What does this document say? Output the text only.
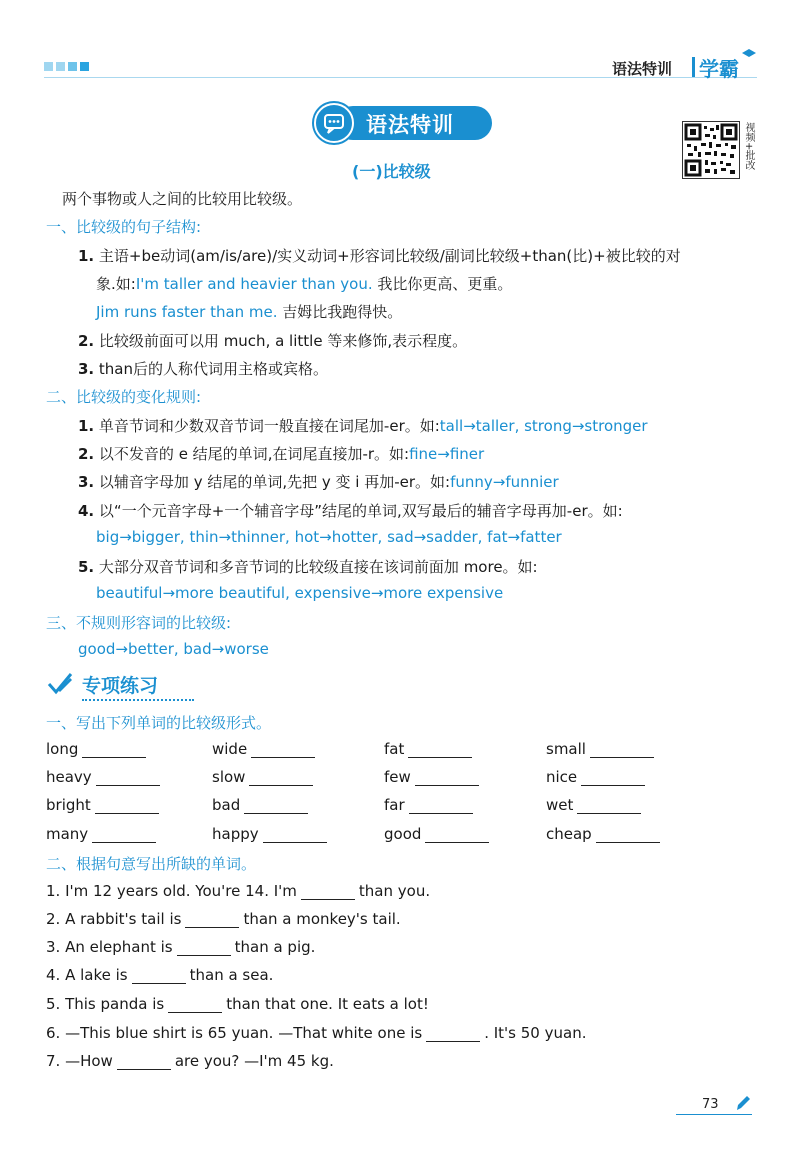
语法特训 学霸
语法特训	视频+批改
(一)比较级
两个事物或人之间的比较用比较级。
一、比较级的句子结构:
1. 主语+be动词(am/is/are)/实义动词+形容词比较级/副词比较级+than(比)+被比较的对
象.如:I'm taller and heavier than you. 我比你更高、更重。
Jim runs faster than me. 吉姆比我跑得快。
2. 比较级前面可以用 much, a little 等来修饰,表示程度。
3. than后的人称代词用主格或宾格。
二、比较级的变化规则:
1. 单音节词和少数双音节词一般直接在词尾加-er。如:tall→taller, strong→stronger
2. 以不发音的 e 结尾的单词,在词尾直接加-r。如:fine→finer
3. 以辅音字母加 y 结尾的单词,先把 y 变 i 再加-er。如:funny→funnier
4. 以“一个元音字母+一个辅音字母”结尾的单词,双写最后的辅音字母再加-er。如:
big→bigger, thin→thinner, hot→hotter, sad→sadder, fat→fatter
5. 大部分双音节词和多音节词的比较级直接在该词前面加 more。如:
beautiful→more beautiful, expensive→more expensive
三、不规则形容词的比较级:
good→better, bad→worse
专项练习
一、写出下列单词的比较级形式。
long	wide	fat	small
heavy	slow	few	nice
bright	bad	far	wet
many	happy	good	cheap
二、根据句意写出所缺的单词。
1. I'm 12 years old. You're 14. I'm	than you.
2. A rabbit's tail is	than a monkey's tail.
3. An elephant is	than a pig.
4. A lake is	than a sea.
5. This panda is	than that one. It eats a lot!
6. —This blue shirt is 65 yuan. —That white one is	. It's 50 yuan.
7. —How	are you? —I'm 45 kg.
73
